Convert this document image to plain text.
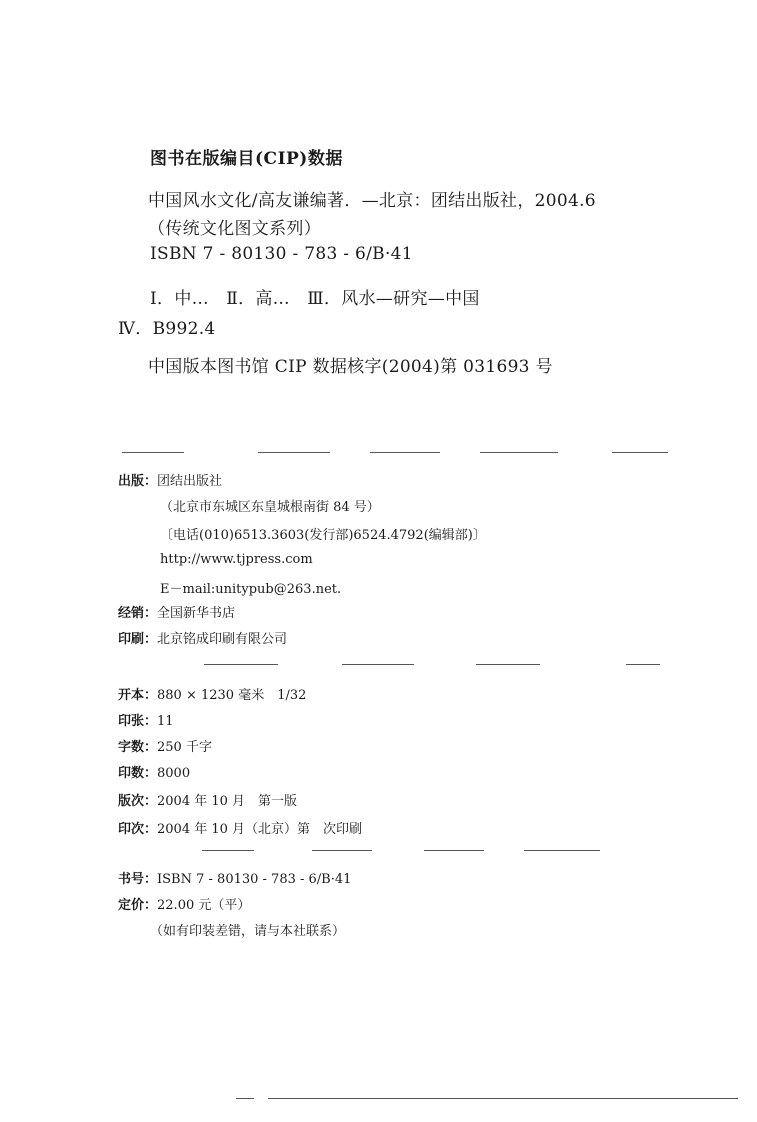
图书在版编目(CIP)数据
中国风水文化/高友谦编著．—北京：团结出版社，2004.6
（传统文化图文系列）
ISBN 7 - 80130 - 783 - 6/B·41
Ⅰ．中…　Ⅱ．高…　Ⅲ．风水—研究—中国
Ⅳ．B992.4
中国版本图书馆 CIP 数据核字(2004)第 031693 号
出版：团结出版社
（北京市东城区东皇城根南街 84 号）
〔电话(010)6513.3603(发行部)6524.4792(编辑部)〕
http://www.tjpress.com
E－mail:unitypub@263.net.
经销：全国新华书店
印刷：北京铭成印刷有限公司
开本：880 × 1230 毫米　1/32
印张：11
字数：250 千字
印数：8000
版次：2004 年 10 月　第一版
印次：2004 年 10 月（北京）第　次印刷
书号：ISBN 7 - 80130 - 783 - 6/B·41
定价：22.00 元（平）
（如有印装差错，请与本社联系）
